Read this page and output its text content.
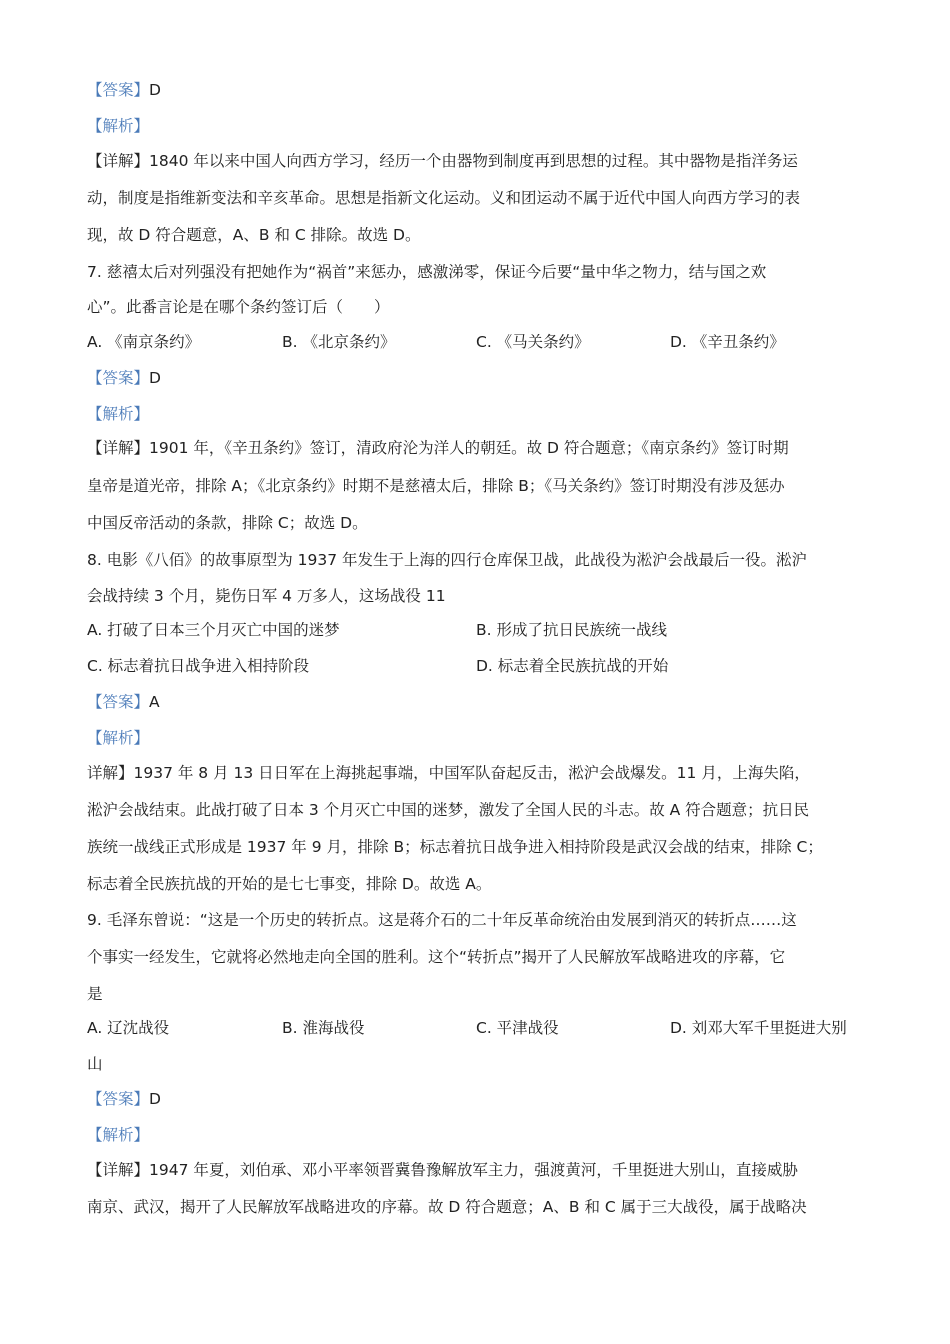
【答案】D
【解析】
【详解】1840 年以来中国人向西方学习，经历一个由器物到制度再到思想的过程。其中器物是指洋务运
动，制度是指维新变法和辛亥革命。思想是指新文化运动。义和团运动不属于近代中国人向西方学习的表
现，故 D 符合题意，A、B 和 C 排除。故选 D。
7. 慈禧太后对列强没有把她作为“祸首”来惩办，感激涕零，保证今后要“量中华之物力，结与国之欢
心”。此番言论是在哪个条约签订后（　　）
A. 《南京条约》	B. 《北京条约》	C. 《马关条约》	D. 《辛丑条约》
【答案】D
【解析】
【详解】1901 年，《辛丑条约》签订，清政府沦为洋人的朝廷。故 D 符合题意；《南京条约》签订时期
皇帝是道光帝，排除 A；《北京条约》时期不是慈禧太后，排除 B；《马关条约》签订时期没有涉及惩办
中国反帝活动的条款，排除 C；故选 D。
8. 电影《八佰》的故事原型为 1937 年发生于上海的四行仓库保卫战，此战役为淞沪会战最后一役。淞沪
会战持续 3 个月，毙伤日军 4 万多人，这场战役 11
A. 打破了日本三个月灭亡中国的迷梦	B. 形成了抗日民族统一战线
C. 标志着抗日战争进入相持阶段	D. 标志着全民族抗战的开始
【答案】A
【解析】
详解】1937 年 8 月 13 日日军在上海挑起事端，中国军队奋起反击，淞沪会战爆发。11 月，上海失陷，
淞沪会战结束。此战打破了日本 3 个月灭亡中国的迷梦，激发了全国人民的斗志。故 A 符合题意；抗日民
族统一战线正式形成是 1937 年 9 月，排除 B；标志着抗日战争进入相持阶段是武汉会战的结束，排除 C；
标志着全民族抗战的开始的是七七事变，排除 D。故选 A。
9. 毛泽东曾说：“这是一个历史的转折点。这是蒋介石的二十年反革命统治由发展到消灭的转折点……这
个事实一经发生，它就将必然地走向全国的胜利。这个“转折点”揭开了人民解放军战略进攻的序幕，它
是
A. 辽沈战役	B. 淮海战役	C. 平津战役	D. 刘邓大军千里挺进大别
山
【答案】D
【解析】
【详解】1947 年夏，刘伯承、邓小平率领晋冀鲁豫解放军主力，强渡黄河，千里挺进大别山，直接威胁
南京、武汉，揭开了人民解放军战略进攻的序幕。故 D 符合题意；A、B 和 C 属于三大战役，属于战略决
